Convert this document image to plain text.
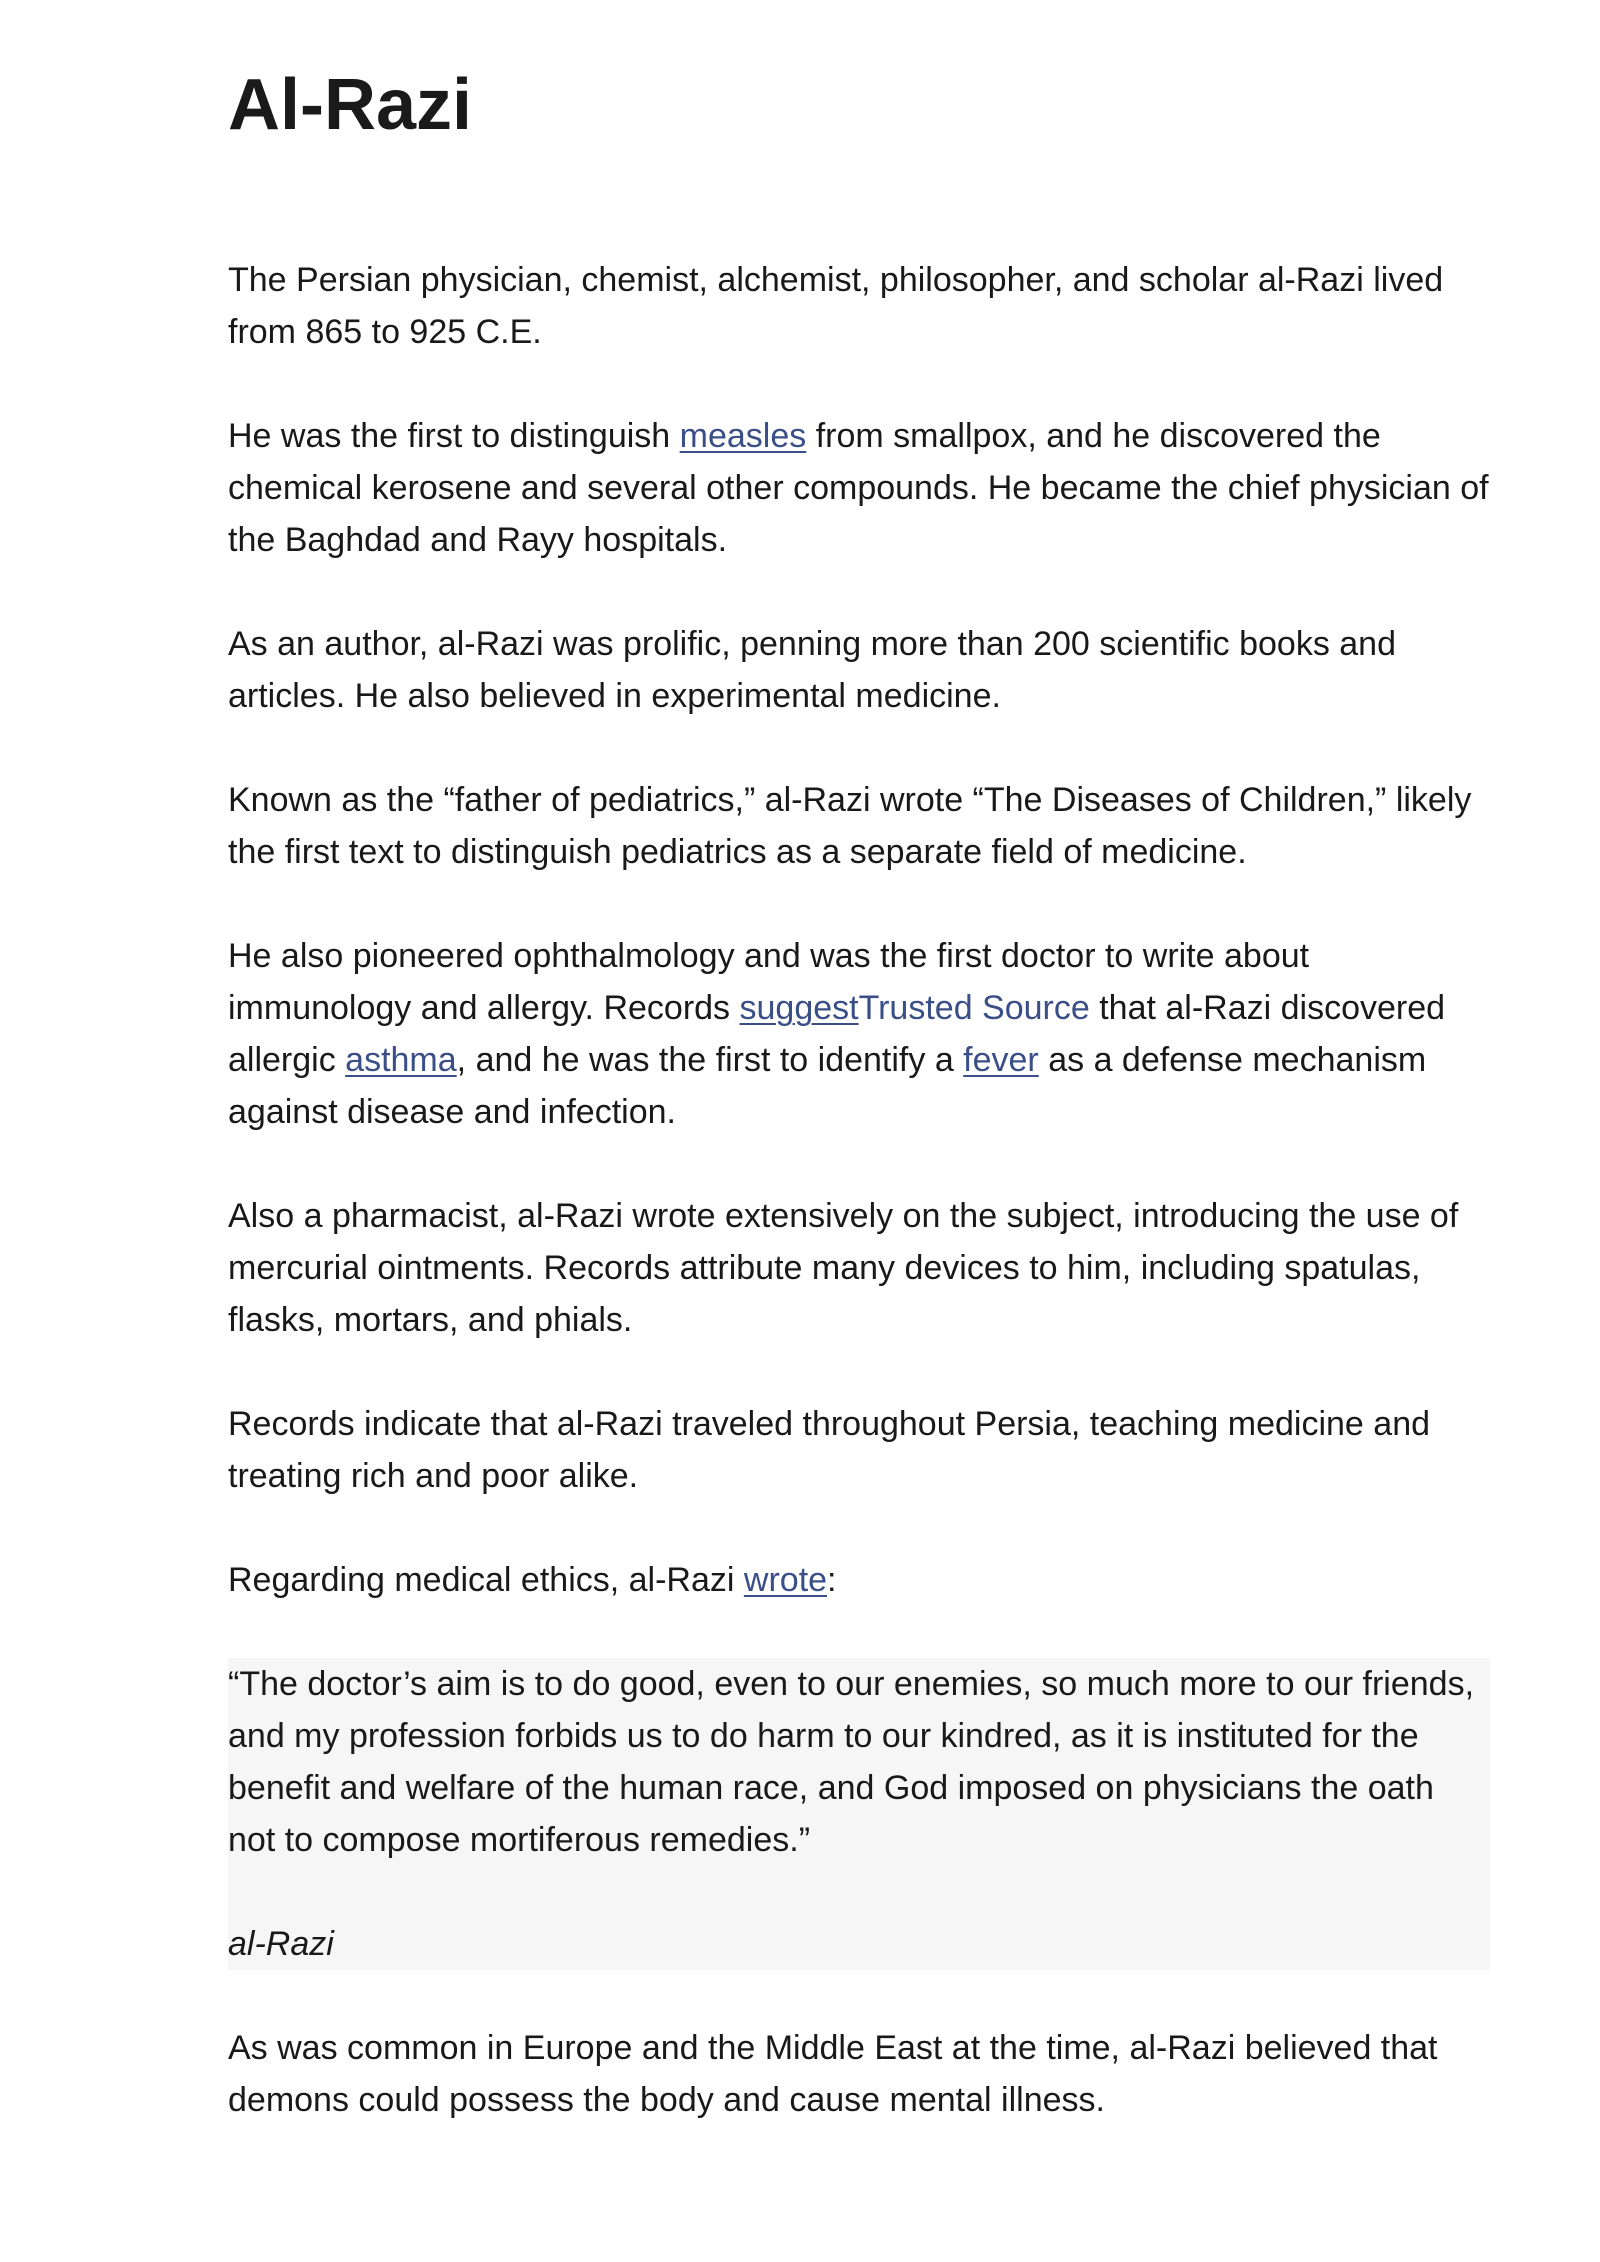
Al-Razi

The Persian physician, chemist, alchemist, philosopher, and scholar al-Razi lived from 865 to 925 C.E.

He was the first to distinguish measles from smallpox, and he discovered the chemical kerosene and several other compounds. He became the chief physician of the Baghdad and Rayy hospitals.

As an author, al-Razi was prolific, penning more than 200 scientific books and articles. He also believed in experimental medicine.

Known as the “father of pediatrics,” al-Razi wrote “The Diseases of Children,” likely the first text to distinguish pediatrics as a separate field of medicine.

He also pioneered ophthalmology and was the first doctor to write about immunology and allergy. Records suggestTrusted Source that al-Razi discovered allergic asthma, and he was the first to identify a fever as a defense mechanism against disease and infection.

Also a pharmacist, al-Razi wrote extensively on the subject, introducing the use of mercurial ointments. Records attribute many devices to him, including spatulas, flasks, mortars, and phials.

Records indicate that al-Razi traveled throughout Persia, teaching medicine and treating rich and poor alike.

Regarding medical ethics, al-Razi wrote:

“The doctor’s aim is to do good, even to our enemies, so much more to our friends, and my profession forbids us to do harm to our kindred, as it is instituted for the benefit and welfare of the human race, and God imposed on physicians the oath not to compose mortiferous remedies.”

al-Razi

As was common in Europe and the Middle East at the time, al-Razi believed that demons could possess the body and cause mental illness.
